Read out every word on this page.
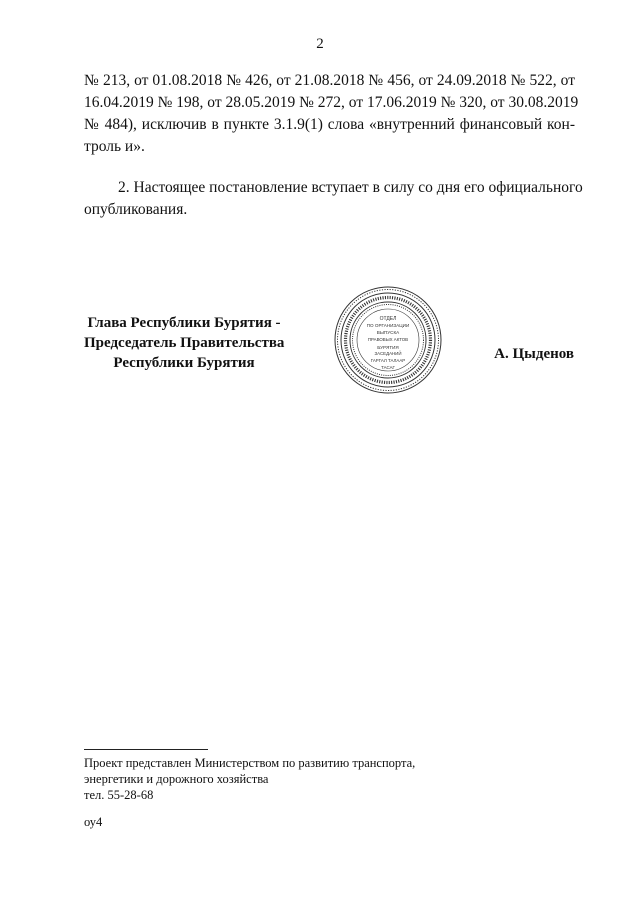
2
№ 213, от 01.08.2018 № 426, от 21.08.2018 № 456, от 24.09.2018 № 522, от
16.04.2019 № 198, от 28.05.2019 № 272, от 17.06.2019 № 320, от 30.08.2019
№ 484), исключив в пункте 3.1.9(1) слова «внутренний финансовый кон-
троль и».
2. Настоящее постановление вступает в силу со дня его официального
опубликования.
Глава Республики Бурятия -
Председатель Правительства
Республики Бурятия
ОТДЕЛ
ПО ОРГАНИЗАЦИИ
ВЫПУСКА
ПРАВОВЫХ АКТОВ
БУРЯТИЯ
ЗАСЕДАНИЙ
ГАРГАЛ ТАЛААР
ТАСАГ
А. Цыденов
Проект представлен Министерством по развитию транспорта,
энергетики и дорожного хозяйства
тел. 55-28-68
оу4
